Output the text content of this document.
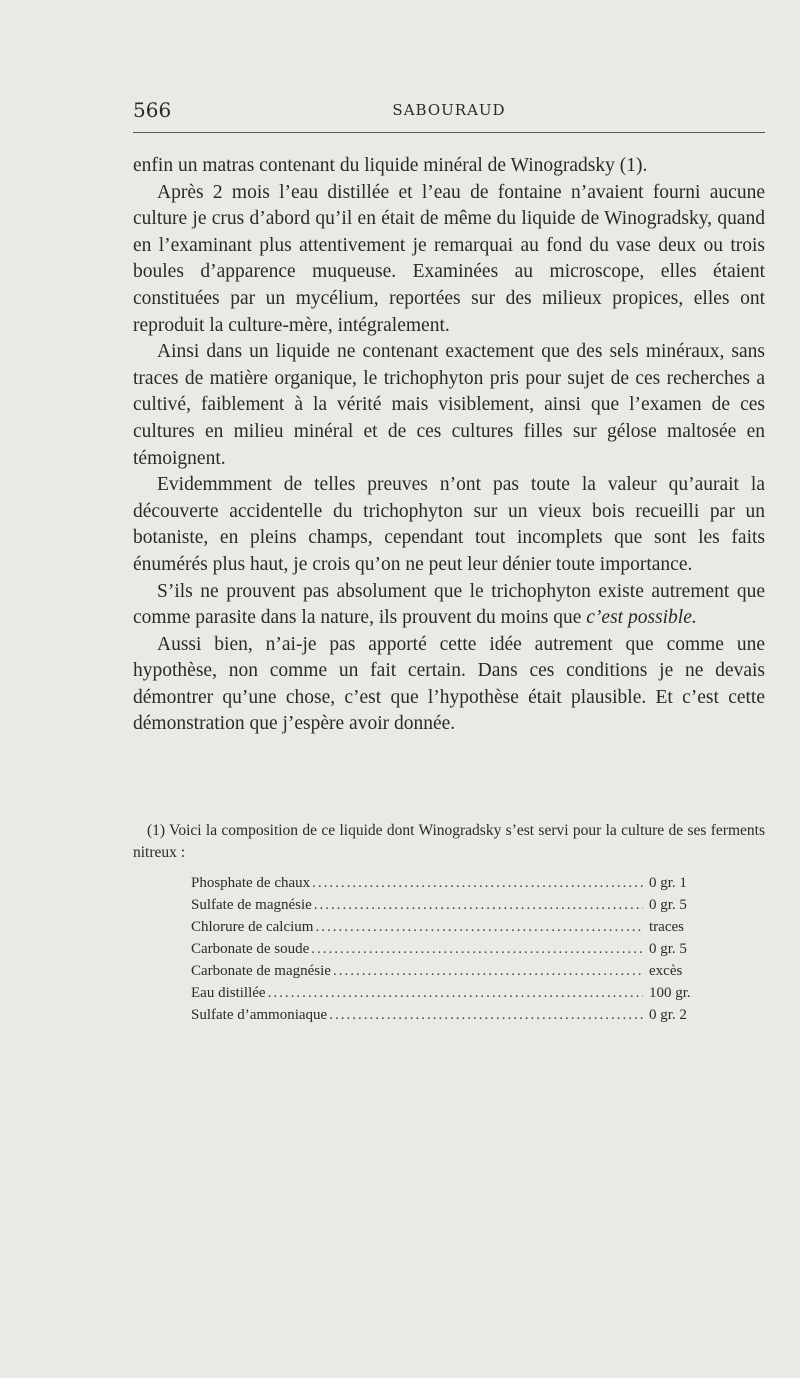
566	SABOURAUD

enfin un matras contenant du liquide minéral de Winogradsky (1).

Après 2 mois l’eau distillée et l’eau de fontaine n’avaient fourni aucune culture je crus d’abord qu’il en était de même du liquide de Winogradsky, quand en l’examinant plus attentivement je remarquai au fond du vase deux ou trois boules d’apparence muqueuse. Examinées au microscope, elles étaient constituées par un mycélium, reportées sur des milieux propices, elles ont reproduit la culture-mère, intégralement.

Ainsi dans un liquide ne contenant exactement que des sels minéraux, sans traces de matière organique, le trichophyton pris pour sujet de ces recherches a cultivé, faiblement à la vérité mais visiblement, ainsi que l’examen de ces cultures en milieu minéral et de ces cultures filles sur gélose maltosée en témoignent.

Evidemmment de telles preuves n’ont pas toute la valeur qu’aurait la découverte accidentelle du trichophyton sur un vieux bois recueilli par un botaniste, en pleins champs, cependant tout incomplets que sont les faits énumérés plus haut, je crois qu’on ne peut leur dénier toute importance.

S’ils ne prouvent pas absolument que le trichophyton existe autrement que comme parasite dans la nature, ils prouvent du moins que c’est possible.

Aussi bien, n’ai-je pas apporté cette idée autrement que comme une hypothèse, non comme un fait certain. Dans ces conditions je ne devais démontrer qu’une chose, c’est que l’hypothèse était plausible. Et c’est cette démonstration que j’espère avoir donnée.

(1) Voici la composition de ce liquide dont Winogradsky s’est servi pour la culture de ses ferments nitreux :

Phosphate de chaux .....	0 gr. 1
Sulfate de magnésie .....	0 gr. 5
Chlorure de calcium .....	traces
Carbonate de soude .....	0 gr. 5
Carbonate de magnésie .....	excès
Eau distillée .....	100 gr.
Sulfate d’ammoniaque .....	0 gr. 2
